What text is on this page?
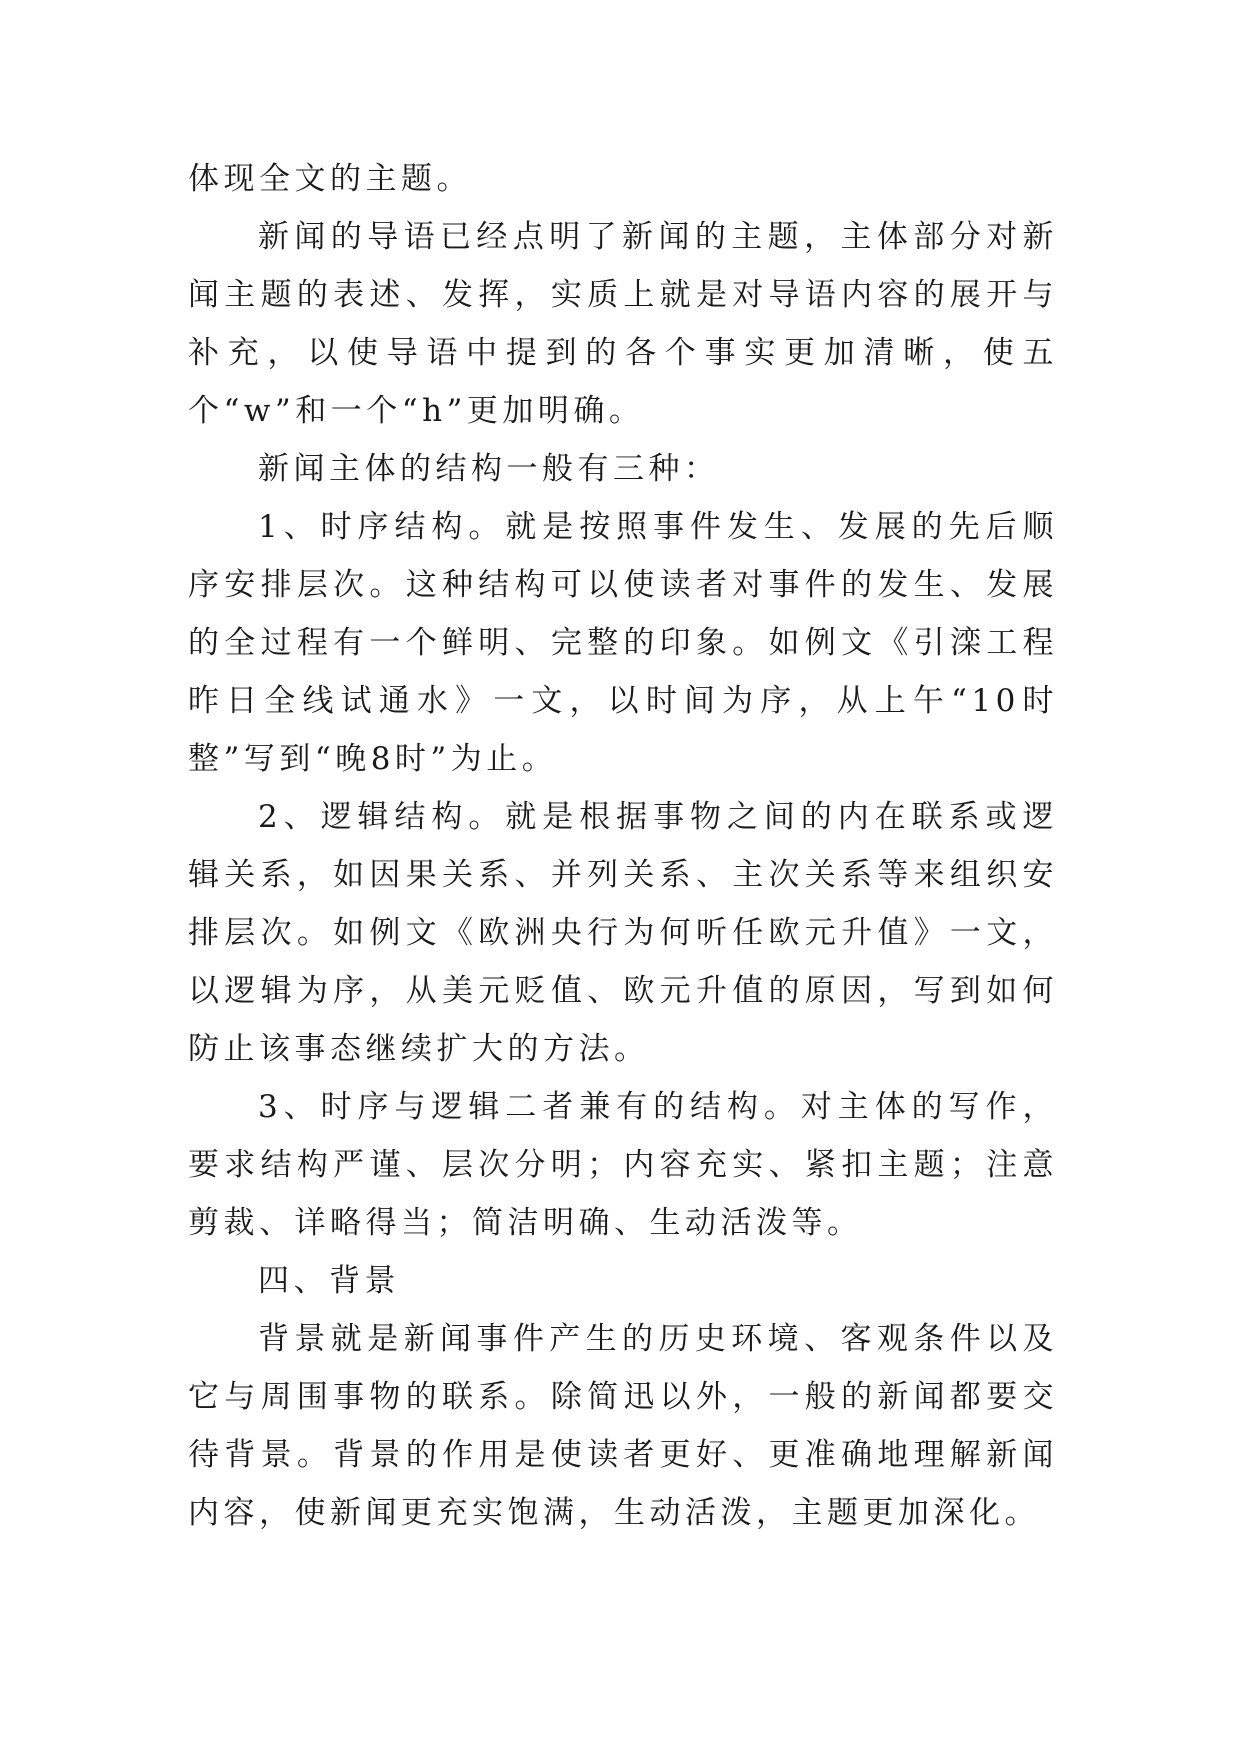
体现全文的主题。

新闻的导语已经点明了新闻的主题，主体部分对新闻主题的表述、发挥，实质上就是对导语内容的展开与补充，以使导语中提到的各个事实更加清晰，使五个“w”和一个“h”更加明确。

新闻主体的结构一般有三种：

1、时序结构。就是按照事件发生、发展的先后顺序安排层次。这种结构可以使读者对事件的发生、发展的全过程有一个鲜明、完整的印象。如例文《引滦工程昨日全线试通水》一文，以时间为序，从上午“10时整”写到“晚8时”为止。

2、逻辑结构。就是根据事物之间的内在联系或逻辑关系，如因果关系、并列关系、主次关系等来组织安排层次。如例文《欧洲央行为何听任欧元升值》一文，以逻辑为序，从美元贬值、欧元升值的原因，写到如何防止该事态继续扩大的方法。

3、时序与逻辑二者兼有的结构。对主体的写作，要求结构严谨、层次分明；内容充实、紧扣主题；注意剪裁、详略得当；简洁明确、生动活泼等。

四、背景

背景就是新闻事件产生的历史环境、客观条件以及它与周围事物的联系。除简迅以外，一般的新闻都要交待背景。背景的作用是使读者更好、更准确地理解新闻内容，使新闻更充实饱满，生动活泼，主题更加深化。
